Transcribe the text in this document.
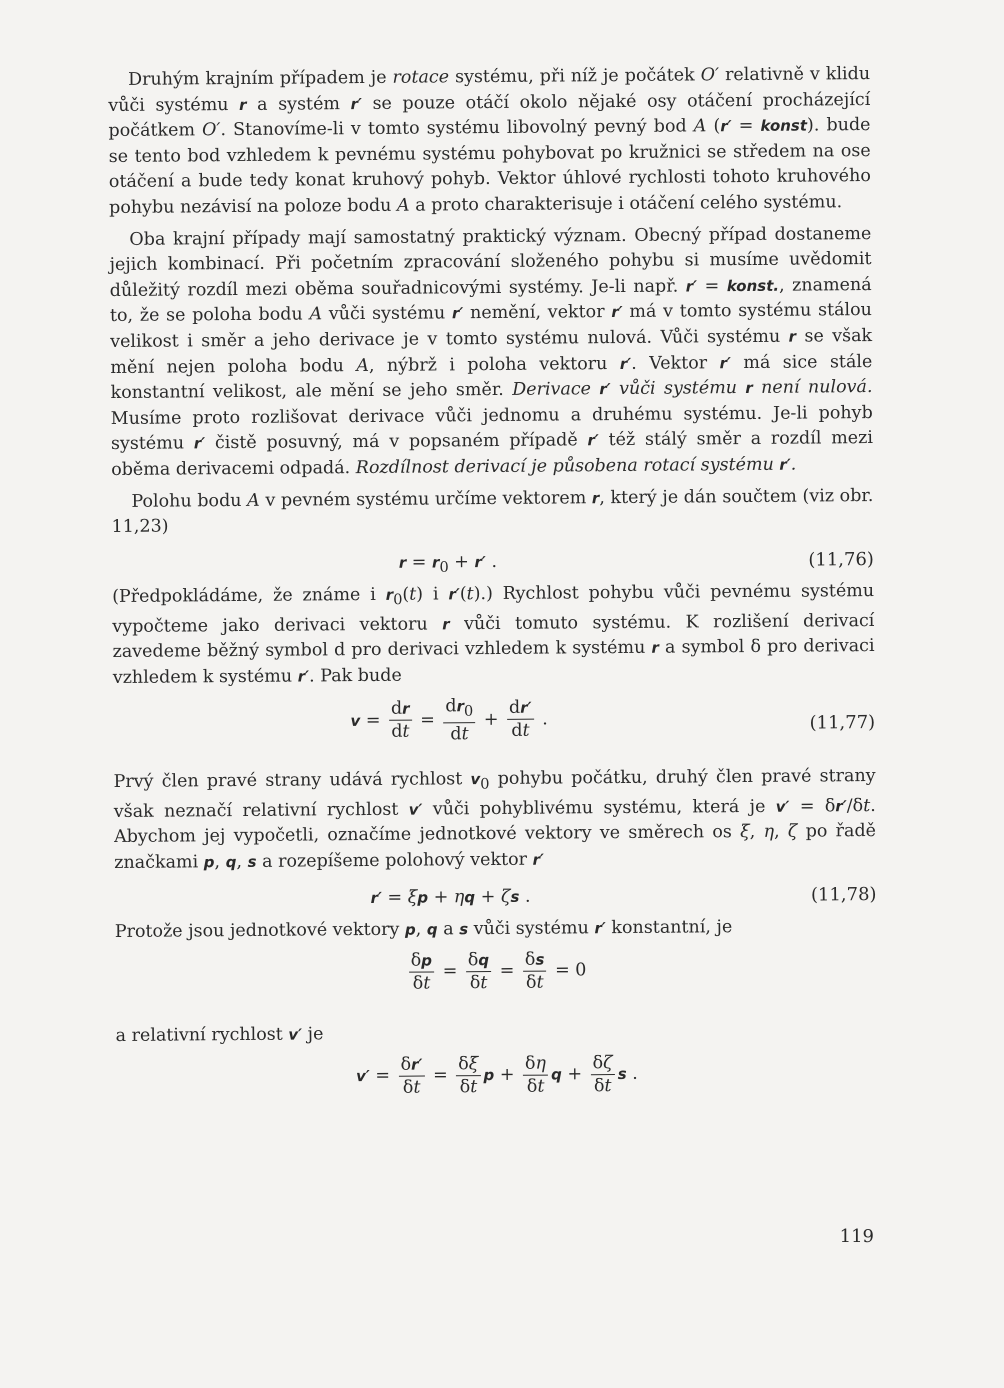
Druhým krajním případem je rotace systému, při níž je počátek O′ relativně v klidu vůči systému r a systém r′ se pouze otáčí okolo nějaké osy otáčení procházející počátkem O′. Stanovíme-li v tomto systému libovolný pevný bod A (r′ = konst). bude se tento bod vzhledem k pevnému systému pohybovat po kružnici se středem na ose otáčení a bude tedy konat kruhový pohyb. Vektor úhlové rychlosti tohoto kruhového pohybu nezávisí na poloze bodu A a proto charakterisuje i otáčení celého systému.

Oba krajní případy mají samostatný praktický význam. Obecný případ dostaneme jejich kombinací. Při početním zpracování složeného pohybu si musíme uvědomit důležitý rozdíl mezi oběma souřadnicovými systémy. Je-li např. r′ = konst., znamená to, že se poloha bodu A vůči systému r′ nemění, vektor r′ má v tomto systému stálou velikost i směr a jeho derivace je v tomto systému nulová. Vůči systému r se však mění nejen poloha bodu A, nýbrž i poloha vektoru r′. Vektor r′ má sice stále konstantní velikost, ale mění se jeho směr. Derivace r′ vůči systému r není nulová. Musíme proto rozlišovat derivace vůči jednomu a druhému systému. Je-li pohyb systému r′ čistě posuvný, má v popsaném případě r′ též stálý směr a rozdíl mezi oběma derivacemi odpadá. Rozdílnost derivací je působena rotací systému r′.

Polohu bodu A v pevném systému určíme vektorem r, který je dán součtem (viz obr. 11,23)

$r = r_0 + r'$ .	(11,76)

(Předpokládáme, že známe i $r_0(t)$ i r′(t).) Rychlost pohybu vůči pevnému systému vypočteme jako derivaci vektoru r vůči tomuto systému. K rozlišení derivací zavedeme běžný symbol d pro derivaci vzhledem k systému r a symbol δ pro derivaci vzhledem k systému r′. Pak bude

$v = \frac{dr}{dt} = \frac{dr_0}{dt} + \frac{dr'}{dt}$ .	(11,77)

Prvý člen pravé strany udává rychlost $v_0$ pohybu počátku, druhý člen pravé strany však neznačí relativní rychlost v′ vůči pohyblivému systému, která je v′ = δr′/δt. Abychom jej vypočetli, označíme jednotkové vektory ve směrech os ξ, η, ζ po řadě značkami p, q, s a rozepíšeme polohový vektor r′

r′ = ξp + ηq + ζs .	(11,78)

Protože jsou jednotkové vektory p, q a s vůči systému r′ konstantní, je

$\frac{\delta p}{\delta t} = \frac{\delta q}{\delta t} = \frac{\delta s}{\delta t} = 0$

a relativní rychlost v′ je

$v' = \frac{\delta r'}{\delta t} = \frac{\delta\xi}{\delta t}$ $p + \frac{\delta\eta}{\delta t}$ $q + \frac{\delta\zeta}{\delta t}$ s .
119
